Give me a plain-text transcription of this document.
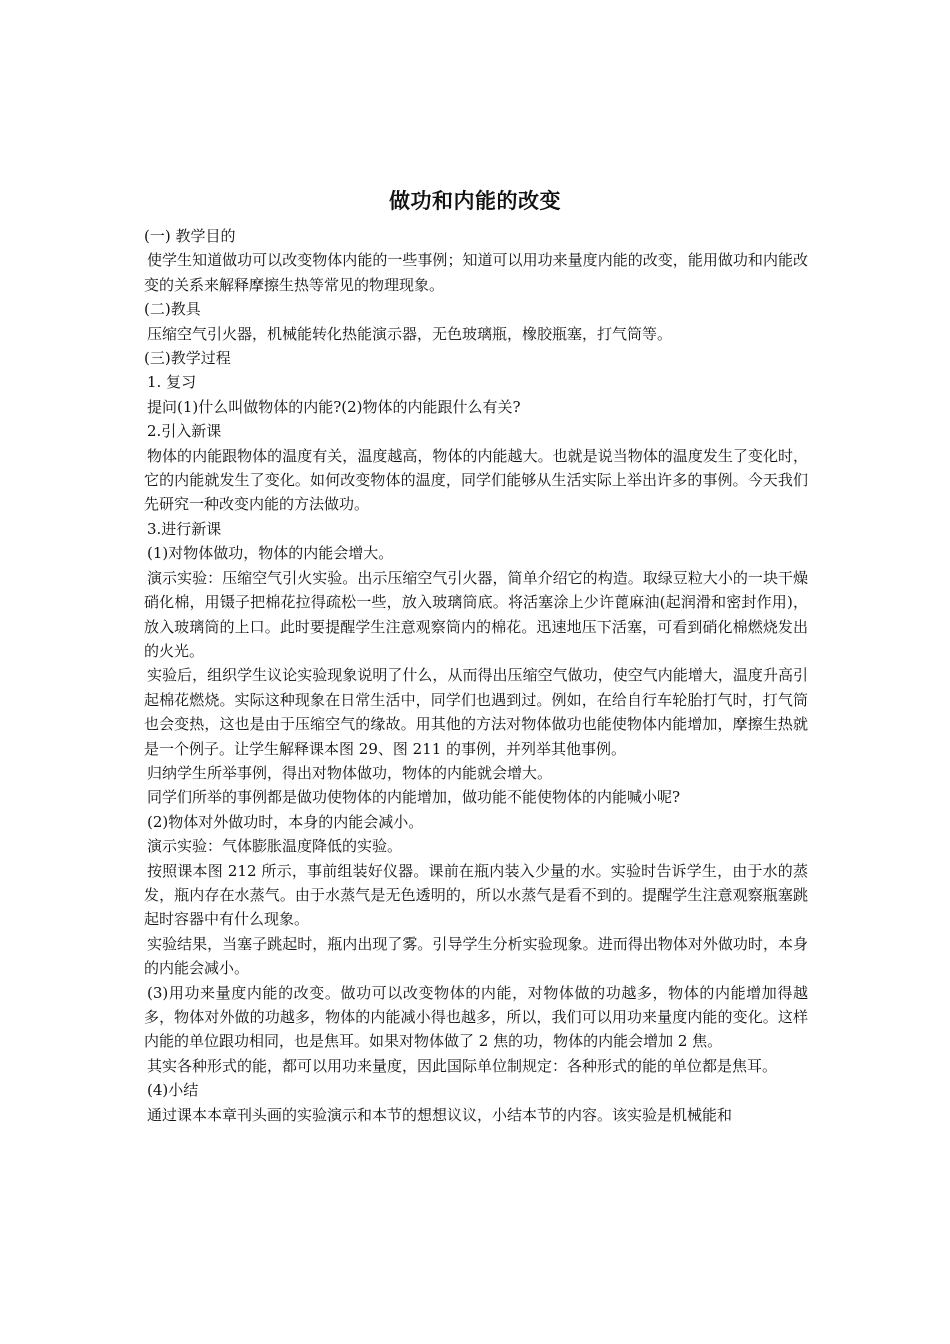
做功和内能的改变

(一) 教学目的

使学生知道做功可以改变物体内能的一些事例；知道可以用功来量度内能的改变，能用做功和内能改变的关系来解释摩擦生热等常见的物理现象。

(二)教具

压缩空气引火器，机械能转化热能演示器，无色玻璃瓶，橡胶瓶塞，打气筒等。

(三)教学过程

1. 复习

提问(1)什么叫做物体的内能?(2)物体的内能跟什么有关?

2.引入新课

物体的内能跟物体的温度有关，温度越高，物体的内能越大。也就是说当物体的温度发生了变化时，它的内能就发生了变化。如何改变物体的温度，同学们能够从生活实际上举出许多的事例。今天我们先研究一种改变内能的方法做功。

3.进行新课

(1)对物体做功，物体的内能会增大。

演示实验：压缩空气引火实验。出示压缩空气引火器，简单介绍它的构造。取绿豆粒大小的一块干燥硝化棉，用镊子把棉花拉得疏松一些，放入玻璃筒底。将活塞涂上少许蓖麻油(起润滑和密封作用)，放入玻璃筒的上口。此时要提醒学生注意观察筒内的棉花。迅速地压下活塞，可看到硝化棉燃烧发出的火光。

实验后，组织学生议论实验现象说明了什么，从而得出压缩空气做功，使空气内能增大，温度升高引起棉花燃烧。实际这种现象在日常生活中，同学们也遇到过。例如，在给自行车轮胎打气时，打气筒也会变热，这也是由于压缩空气的缘故。用其他的方法对物体做功也能使物体内能增加，摩擦生热就是一个例子。让学生解释课本图 29、图 211 的事例，并列举其他事例。

归纳学生所举事例，得出对物体做功，物体的内能就会增大。

同学们所举的事例都是做功使物体的内能增加，做功能不能使物体的内能喊小呢?

(2)物体对外做功时，本身的内能会减小。

演示实验：气体膨胀温度降低的实验。

按照课本图 212 所示，事前组装好仪器。课前在瓶内装入少量的水。实验时告诉学生，由于水的蒸发，瓶内存在水蒸气。由于水蒸气是无色透明的，所以水蒸气是看不到的。提醒学生注意观察瓶塞跳起时容器中有什么现象。

实验结果，当塞子跳起时，瓶内出现了雾。引导学生分析实验现象。进而得出物体对外做功时，本身的内能会减小。

(3)用功来量度内能的改变。做功可以改变物体的内能，对物体做的功越多，物体的内能增加得越多，物体对外做的功越多，物体的内能减小得也越多，所以，我们可以用功来量度内能的变化。这样内能的单位跟功相同，也是焦耳。如果对物体做了 2 焦的功，物体的内能会增加 2 焦。

其实各种形式的能，都可以用功来量度，因此国际单位制规定：各种形式的能的单位都是焦耳。

(4)小结

通过课本本章刊头画的实验演示和本节的想想议议，小结本节的内容。该实验是机械能和
